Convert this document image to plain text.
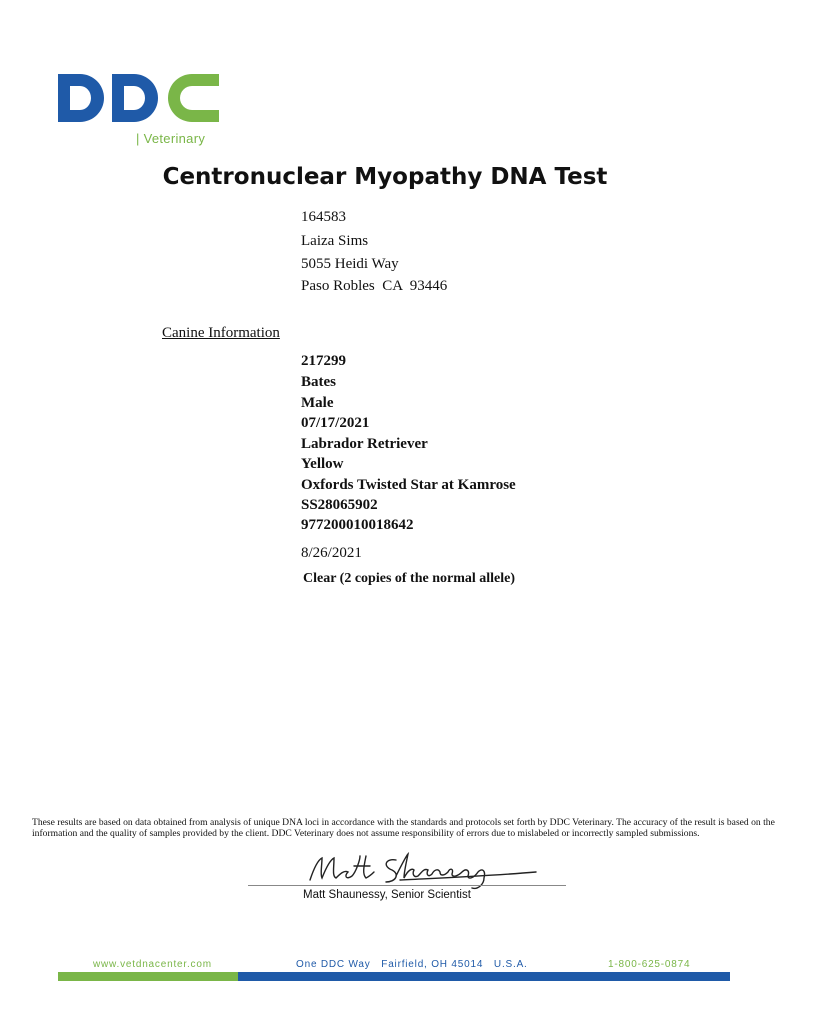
| Veterinary
Centronuclear Myopathy DNA Test
164583
Laiza Sims
5055 Heidi Way
Paso Robles  CA  93446
Canine Information
217299
Bates
Male
07/17/2021
Labrador Retriever
Yellow
Oxfords Twisted Star at Kamrose
SS28065902
977200010018642
8/26/2021
Clear (2 copies of the normal allele)
These results are based on data obtained from analysis of unique DNA loci in accordance with the standards and protocols set forth by DDC Veterinary. The accuracy of the result is based on the information and the quality of samples provided by the client. DDC Veterinary does not assume responsibility of errors due to mislabeled or incorrectly sampled submissions.
Matt Shaunessy, Senior Scientist
www.vetdnacenter.com	One DDC Way   Fairfield, OH 45014   U.S.A.	1-800-625-0874
